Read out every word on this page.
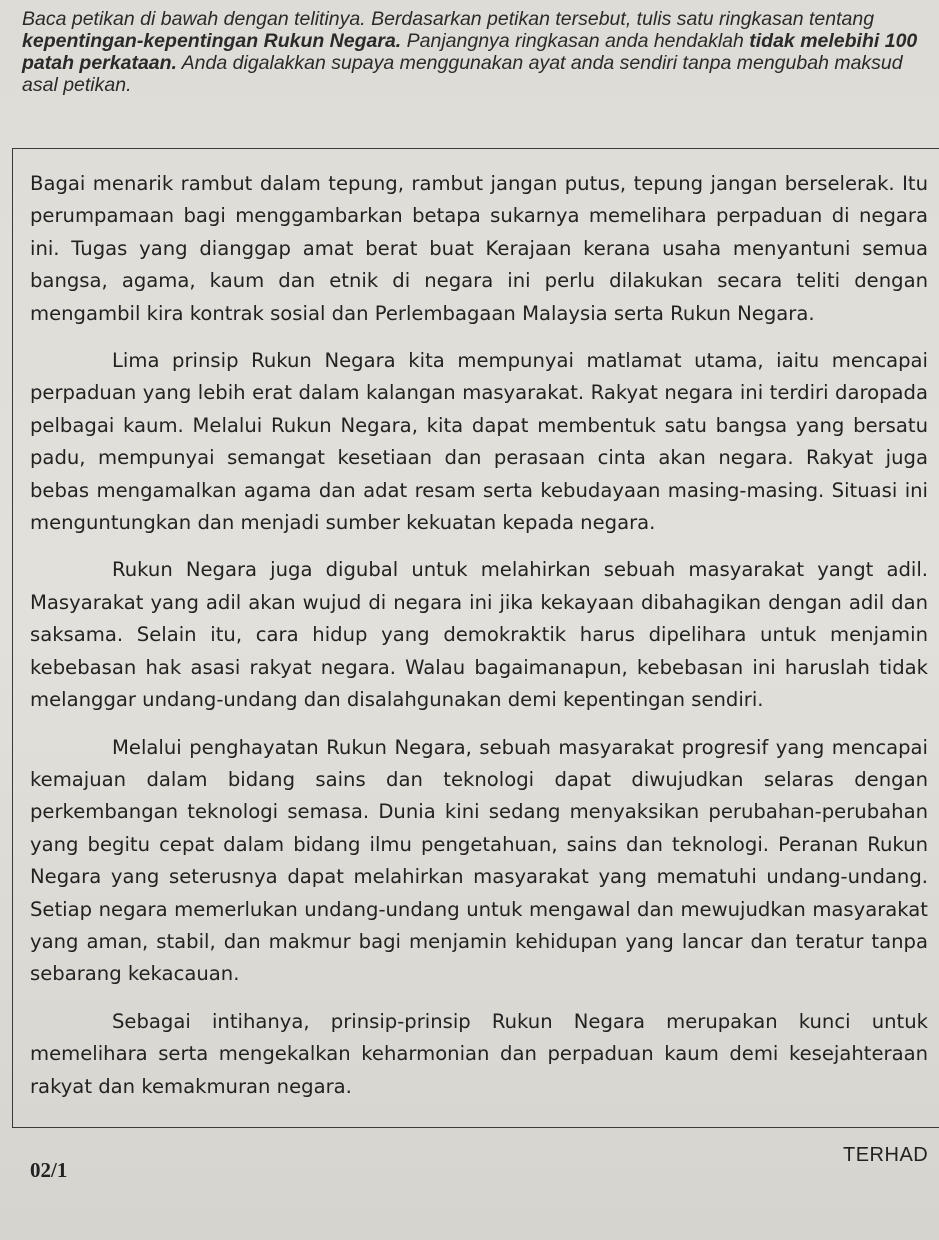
Baca petikan di bawah dengan telitinya. Berdasarkan petikan tersebut, tulis satu ringkasan tentang kepentingan-kepentingan Rukun Negara. Panjangnya ringkasan anda hendaklah tidak melebihi 100 patah perkataan. Anda digalakkan supaya menggunakan ayat anda sendiri tanpa mengubah maksud asal petikan.

Bagai menarik rambut dalam tepung, rambut jangan putus, tepung jangan berselerak. Itu perumpamaan bagi menggambarkan betapa sukarnya memelihara perpaduan di negara ini. Tugas yang dianggap amat berat buat Kerajaan kerana usaha menyantuni semua bangsa, agama, kaum dan etnik di negara ini perlu dilakukan secara teliti dengan mengambil kira kontrak sosial dan Perlembagaan Malaysia serta Rukun Negara.

Lima prinsip Rukun Negara kita mempunyai matlamat utama, iaitu mencapai perpaduan yang lebih erat dalam kalangan masyarakat. Rakyat negara ini terdiri daropada pelbagai kaum. Melalui Rukun Negara, kita dapat membentuk satu bangsa yang bersatu padu, mempunyai semangat kesetiaan dan perasaan cinta akan negara. Rakyat juga bebas mengamalkan agama dan adat resam serta kebudayaan masing-masing. Situasi ini menguntungkan dan menjadi sumber kekuatan kepada negara.

Rukun Negara juga digubal untuk melahirkan sebuah masyarakat yangt adil. Masyarakat yang adil akan wujud di negara ini jika kekayaan dibahagikan dengan adil dan saksama. Selain itu, cara hidup yang demokraktik harus dipelihara untuk menjamin kebebasan hak asasi rakyat negara. Walau bagaimanapun, kebebasan ini haruslah tidak melanggar undang-undang dan disalahgunakan demi kepentingan sendiri.

Melalui penghayatan Rukun Negara, sebuah masyarakat progresif yang mencapai kemajuan dalam bidang sains dan teknologi dapat diwujudkan selaras dengan perkembangan teknologi semasa. Dunia kini sedang menyaksikan perubahan-perubahan yang begitu cepat dalam bidang ilmu pengetahuan, sains dan teknologi. Peranan Rukun Negara yang seterusnya dapat melahirkan masyarakat yang mematuhi undang-undang. Setiap negara memerlukan undang-undang untuk mengawal dan mewujudkan masyarakat yang aman, stabil, dan makmur bagi menjamin kehidupan yang lancar dan teratur tanpa sebarang kekacauan.

Sebagai intihanya, prinsip-prinsip Rukun Negara merupakan kunci untuk memelihara serta mengekalkan keharmonian dan perpaduan kaum demi kesejahteraan rakyat dan kemakmuran negara.

02/1
TERHAD
